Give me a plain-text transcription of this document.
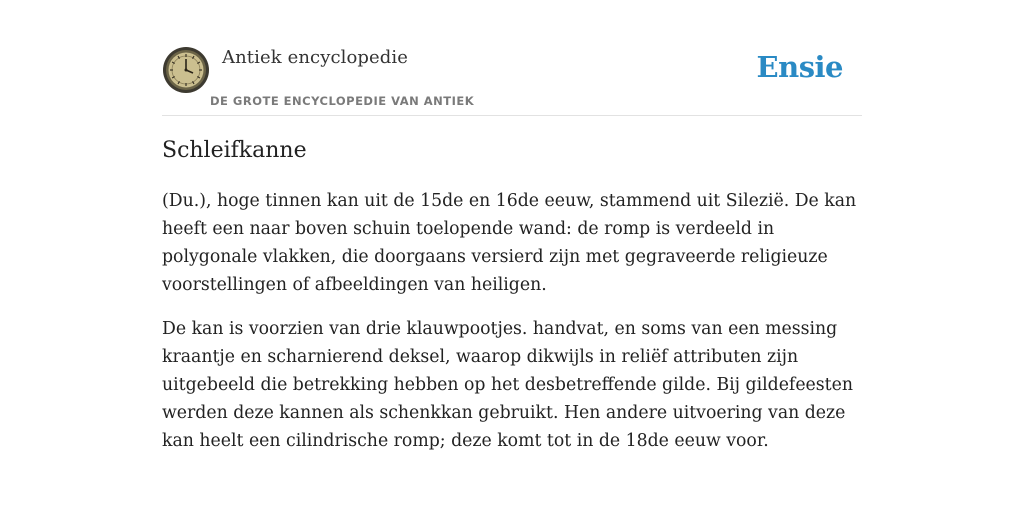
Antiek encyclopedie
DE GROTE ENCYCLOPEDIE VAN ANTIEK
Ensie
Schleifkanne

(Du.), hoge tinnen kan uit de 15de en 16de eeuw, stammend uit Silezië. De kan heeft een naar boven schuin toelopende wand: de romp is verdeeld in polygonale vlakken, die doorgaans versierd zijn met gegraveerde religieuze voorstellingen of afbeeldingen van heiligen.

De kan is voorzien van drie klauwpootjes. handvat, en soms van een messing kraantje en scharnierend deksel, waarop dikwijls in reliëf attributen zijn uitgebeeld die betrekking hebben op het desbetreffende gilde. Bij gildefeesten werden deze kannen als schenkkan gebruikt. Hen andere uitvoering van deze kan heelt een cilindrische romp; deze komt tot in de 18de eeuw voor.
